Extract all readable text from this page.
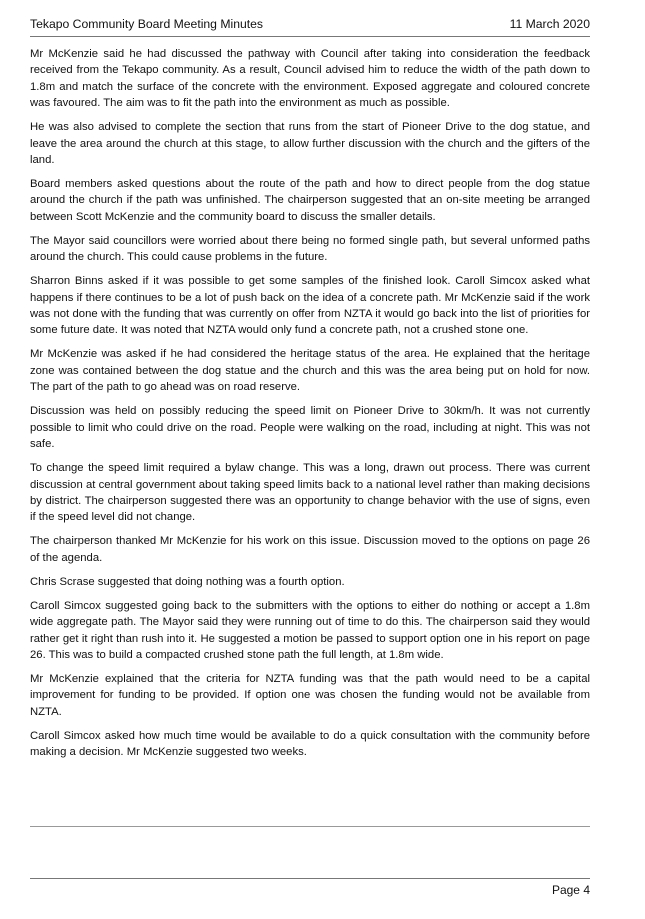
Tekapo Community Board Meeting Minutes	11 March 2020

Mr McKenzie said he had discussed the pathway with Council after taking into consideration the feedback received from the Tekapo community. As a result, Council advised him to reduce the width of the path down to 1.8m and match the surface of the concrete with the environment. Exposed aggregate and coloured concrete was favoured. The aim was to fit the path into the environment as much as possible.

He was also advised to complete the section that runs from the start of Pioneer Drive to the dog statue, and leave the area around the church at this stage, to allow further discussion with the church and the gifters of the land.

Board members asked questions about the route of the path and how to direct people from the dog statue around the church if the path was unfinished. The chairperson suggested that an on-site meeting be arranged between Scott McKenzie and the community board to discuss the smaller details.

The Mayor said councillors were worried about there being no formed single path, but several unformed paths around the church. This could cause problems in the future.

Sharron Binns asked if it was possible to get some samples of the finished look. Caroll Simcox asked what happens if there continues to be a lot of push back on the idea of a concrete path. Mr McKenzie said if the work was not done with the funding that was currently on offer from NZTA it would go back into the list of priorities for some future date. It was noted that NZTA would only fund a concrete path, not a crushed stone one.

Mr McKenzie was asked if he had considered the heritage status of the area. He explained that the heritage zone was contained between the dog statue and the church and this was the area being put on hold for now. The part of the path to go ahead was on road reserve.

Discussion was held on possibly reducing the speed limit on Pioneer Drive to 30km/h. It was not currently possible to limit who could drive on the road. People were walking on the road, including at night. This was not safe.

To change the speed limit required a bylaw change. This was a long, drawn out process. There was current discussion at central government about taking speed limits back to a national level rather than making decisions by district. The chairperson suggested there was an opportunity to change behavior with the use of signs, even if the speed level did not change.

The chairperson thanked Mr McKenzie for his work on this issue. Discussion moved to the options on page 26 of the agenda.

Chris Scrase suggested that doing nothing was a fourth option.

Caroll Simcox suggested going back to the submitters with the options to either do nothing or accept a 1.8m wide aggregate path. The Mayor said they were running out of time to do this. The chairperson said they would rather get it right than rush into it. He suggested a motion be passed to support option one in his report on page 26. This was to build a compacted crushed stone path the full length, at 1.8m wide.

Mr McKenzie explained that the criteria for NZTA funding was that the path would need to be a capital improvement for funding to be provided. If option one was chosen the funding would not be available from NZTA.

Caroll Simcox asked how much time would be available to do a quick consultation with the community before making a decision. Mr McKenzie suggested two weeks.

Page 4
